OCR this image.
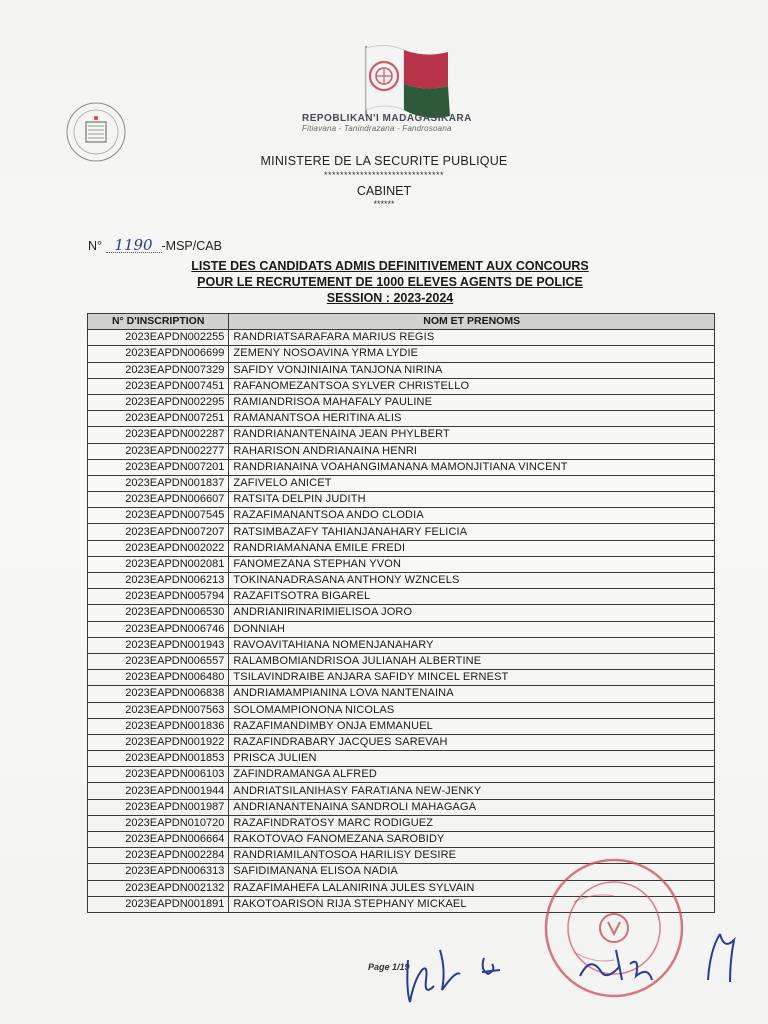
REPOBLIKAN'I MADAGASIKARA
Fitiavana - Tanindrazana - Fandrosoana
MINISTERE DE LA SECURITE PUBLIQUE
******************************
CABINET
******
N° 1190 -MSP/CAB
LISTE DES CANDIDATS ADMIS DEFINITIVEMENT AUX CONCOURS
POUR LE RECRUTEMENT DE 1000 ELEVES AGENTS DE POLICE
SESSION : 2023-2024
N° D'INSCRIPTION	NOM ET PRENOMS
2023EAPDN002255	RANDRIATSARAFARA MARIUS REGIS
2023EAPDN006699	ZEMENY NOSOAVINA YRMA LYDIE
2023EAPDN007329	SAFIDY VONJINIAINA TANJONA NIRINA
2023EAPDN007451	RAFANOMEZANTSOA SYLVER CHRISTELLO
2023EAPDN002295	RAMIANDRISOA MAHAFALY PAULINE
2023EAPDN007251	RAMANANTSOA HERITINA ALIS
2023EAPDN002287	RANDRIANANTENAINA JEAN PHYLBERT
2023EAPDN002277	RAHARISON ANDRIANAINA HENRI
2023EAPDN007201	RANDRIANAINA VOAHANGIMANANA MAMONJITIANA VINCENT
2023EAPDN001837	ZAFIVELO ANICET
2023EAPDN006607	RATSITA DELPIN JUDITH
2023EAPDN007545	RAZAFIMANANTSOA ANDO CLODIA
2023EAPDN007207	RATSIMBAZAFY TAHIANJANAHARY FELICIA
2023EAPDN002022	RANDRIAMANANA EMILE FREDI
2023EAPDN002081	FANOMEZANA STEPHAN YVON
2023EAPDN006213	TOKINANADRASANA ANTHONY WZNCELS
2023EAPDN005794	RAZAFITSOTRA BIGAREL
2023EAPDN006530	ANDRIANIRINARIMIELISOA JORO
2023EAPDN006746	DONNIAH
2023EAPDN001943	RAVOAVITAHIANA NOMENJANAHARY
2023EAPDN006557	RALAMBOMIANDRISOA JULIANAH ALBERTINE
2023EAPDN006480	TSILAVINDRAIBE ANJARA SAFIDY MINCEL ERNEST
2023EAPDN006838	ANDRIAMAMPIANINA LOVA NANTENAINA
2023EAPDN007563	SOLOMAMPIONONA NICOLAS
2023EAPDN001836	RAZAFIMANDIMBY ONJA EMMANUEL
2023EAPDN001922	RAZAFINDRABARY JACQUES SAREVAH
2023EAPDN001853	PRISCA JULIEN
2023EAPDN006103	ZAFINDRAMANGA ALFRED
2023EAPDN001944	ANDRIATSILANIHASY FARATIANA NEW-JENKY
2023EAPDN001987	ANDRIANANTENAINA SANDROLI MAHAGAGA
2023EAPDN010720	RAZAFINDRATOSY MARC RODIGUEZ
2023EAPDN006664	RAKOTOVAO FANOMEZANA SAROBIDY
2023EAPDN002284	RANDRIAMILANTOSOA HARILISY DESIRE
2023EAPDN006313	SAFIDIMANANA ELISOA NADIA
2023EAPDN002132	RAZAFIMAHEFA LALANIRINA JULES SYLVAIN
2023EAPDN001891	RAKOTOARISON RIJA STEPHANY MICKAEL
Page 1/19
